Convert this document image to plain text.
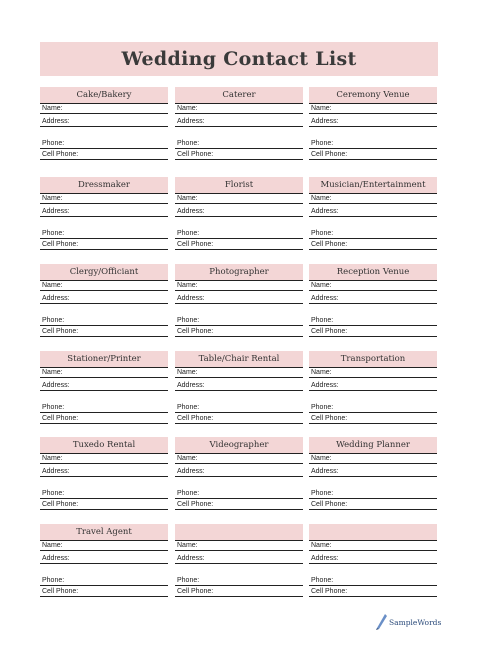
Wedding Contact List
Cake/Bakery
Name:
Address:
Phone:
Cell Phone:
Caterer
Name:
Address:
Phone:
Cell Phone:
Ceremony Venue
Name:
Address:
Phone:
Cell Phone:
Dressmaker
Name:
Address:
Phone:
Cell Phone:
Florist
Name:
Address:
Phone:
Cell Phone:
Musician/Entertainment
Name:
Address:
Phone:
Cell Phone:
Clergy/Officiant
Name:
Address:
Phone:
Cell Phone:
Photographer
Name:
Address:
Phone:
Cell Phone:
Reception Venue
Name:
Address:
Phone:
Cell Phone:
Stationer/Printer
Name:
Address:
Phone:
Cell Phone:
Table/Chair Rental
Name:
Address:
Phone:
Cell Phone:
Transportation
Name:
Address:
Phone:
Cell Phone:
Tuxedo Rental
Name:
Address:
Phone:
Cell Phone:
Videographer
Name:
Address:
Phone:
Cell Phone:
Wedding Planner
Name:
Address:
Phone:
Cell Phone:
Travel Agent
Name:
Address:
Phone:
Cell Phone:
Name:
Address:
Phone:
Cell Phone:
Name:
Address:
Phone:
Cell Phone:
SampleWords
